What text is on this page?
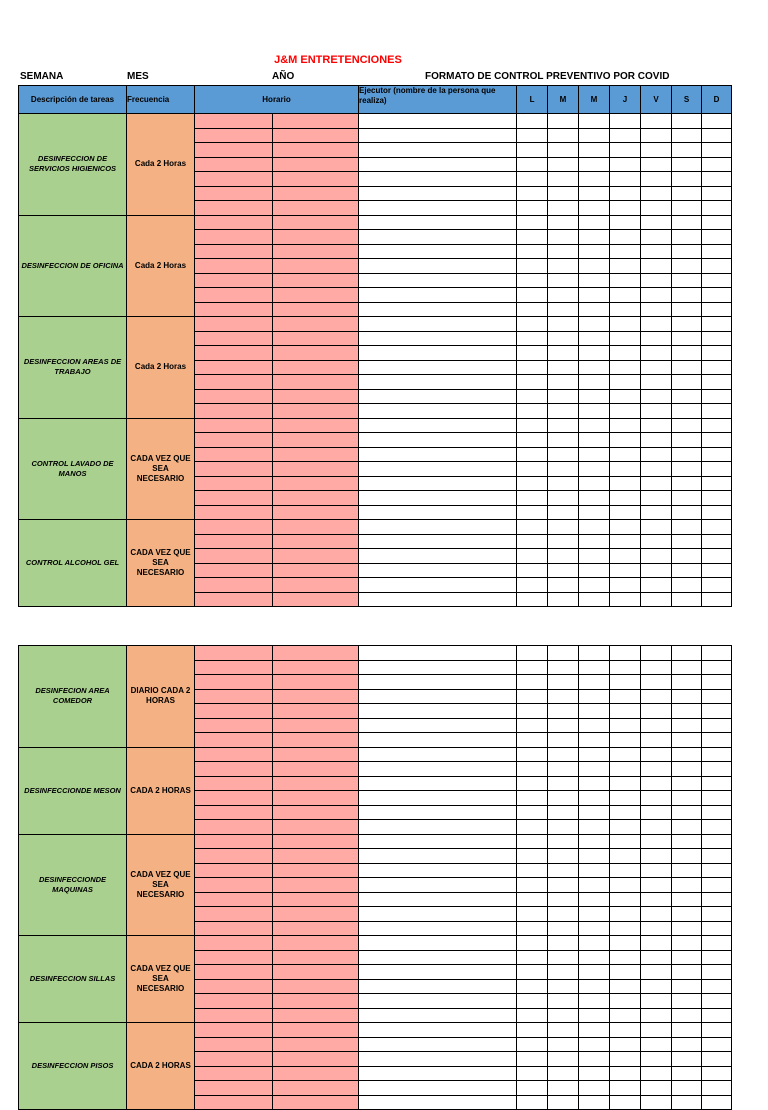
J&M ENTRETENCIONES
SEMANA	MES	AÑO	FORMATO DE CONTROL PREVENTIVO POR COVID
Descripción de tareas	Frecuencia	Horario		Ejecutor (nombre de la persona que realiza)	L	M	M	J	V	S	D
DESINFECCION DE SERVICIOS HIGIENICOS	Cada 2 Horas										

DESINFECCION DE OFICINA	Cada 2 Horas										

DESINFECCION AREAS DE TRABAJO	Cada 2 Horas										

CONTROL LAVADO DE MANOS	CADA VEZ QUE SEA NECESARIO										

CONTROL ALCOHOL GEL	CADA VEZ QUE SEA NECESARIO										

DESINFECION AREA COMEDOR	DIARIO CADA 2 HORAS										

DESINFECCIONDE MESON	CADA 2 HORAS										

DESINFECCIONDE MAQUINAS	CADA VEZ QUE SEA NECESARIO										

DESINFECCION SILLAS	CADA VEZ QUE SEA NECESARIO										

DESINFECCION PISOS	CADA 2 HORAS										
